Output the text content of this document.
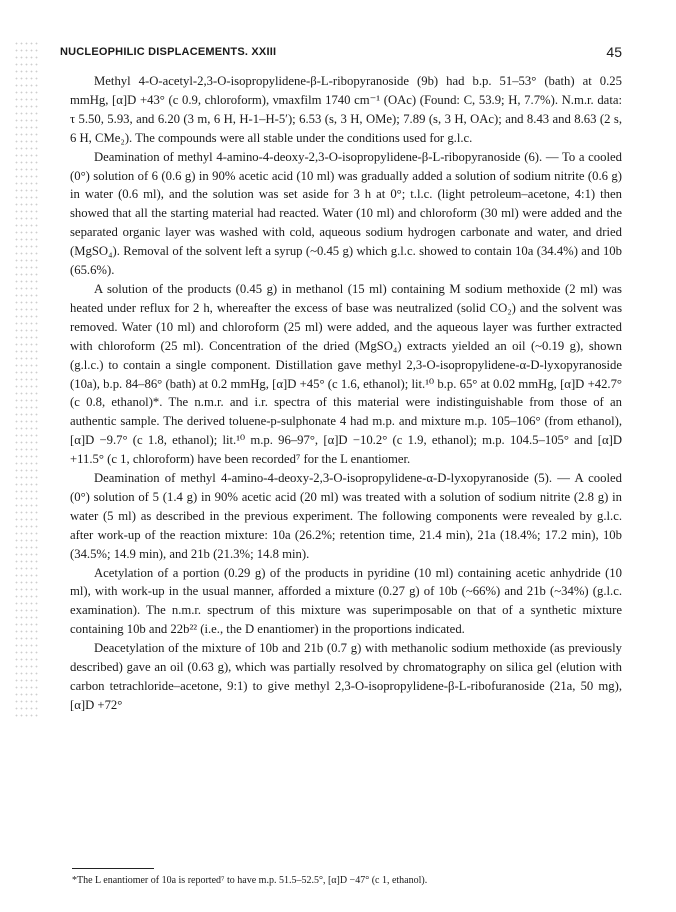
NUCLEOPHILIC DISPLACEMENTS. XXIII	45

Methyl 4-O-acetyl-2,3-O-isopropylidene-β-L-ribopyranoside (9b) had b.p. 51–53° (bath) at 0.25 mmHg, [α]D +43° (c 0.9, chloroform), νmaxfilm 1740 cm⁻¹ (OAc) (Found: C, 53.9; H, 7.7%). N.m.r. data: τ 5.50, 5.93, and 6.20 (3 m, 6 H, H-1–H-5′); 6.53 (s, 3 H, OMe); 7.89 (s, 3 H, OAc); and 8.43 and 8.63 (2 s, 6 H, CMe₂). The compounds were all stable under the conditions used for g.l.c.

Deamination of methyl 4-amino-4-deoxy-2,3-O-isopropylidene-β-L-ribopyranoside (6). — To a cooled (0°) solution of 6 (0.6 g) in 90% acetic acid (10 ml) was gradually added a solution of sodium nitrite (0.6 g) in water (0.6 ml), and the solution was set aside for 3 h at 0°; t.l.c. (light petroleum–acetone, 4:1) then showed that all the starting material had reacted. Water (10 ml) and chloroform (30 ml) were added and the separated organic layer was washed with cold, aqueous sodium hydrogen carbonate and water, and dried (MgSO₄). Removal of the solvent left a syrup (~0.45 g) which g.l.c. showed to contain 10a (34.4%) and 10b (65.6%).

A solution of the products (0.45 g) in methanol (15 ml) containing M sodium methoxide (2 ml) was heated under reflux for 2 h, whereafter the excess of base was neutralized (solid CO₂) and the solvent was removed. Water (10 ml) and chloroform (25 ml) were added, and the aqueous layer was further extracted with chloroform (25 ml). Concentration of the dried (MgSO₄) extracts yielded an oil (~0.19 g), shown (g.l.c.) to contain a single component. Distillation gave methyl 2,3-O-isopropylidene-α-D-lyxopyranoside (10a), b.p. 84–86° (bath) at 0.2 mmHg, [α]D +45° (c 1.6, ethanol); lit.¹⁰ b.p. 65° at 0.02 mmHg, [α]D +42.7° (c 0.8, ethanol)*. The n.m.r. and i.r. spectra of this material were indistinguishable from those of an authentic sample. The derived toluene-p-sulphonate 4 had m.p. and mixture m.p. 105–106° (from ethanol), [α]D −9.7° (c 1.8, ethanol); lit.¹⁰ m.p. 96–97°, [α]D −10.2° (c 1.9, ethanol); m.p. 104.5–105° and [α]D +11.5° (c 1, chloroform) have been recorded⁷ for the L enantiomer.

Deamination of methyl 4-amino-4-deoxy-2,3-O-isopropylidene-α-D-lyxopyranoside (5). — A cooled (0°) solution of 5 (1.4 g) in 90% acetic acid (20 ml) was treated with a solution of sodium nitrite (2.8 g) in water (5 ml) as described in the previous experiment. The following components were revealed by g.l.c. after work-up of the reaction mixture: 10a (26.2%; retention time, 21.4 min), 21a (18.4%; 17.2 min), 10b (34.5%; 14.9 min), and 21b (21.3%; 14.8 min).

Acetylation of a portion (0.29 g) of the products in pyridine (10 ml) containing acetic anhydride (10 ml), with work-up in the usual manner, afforded a mixture (0.27 g) of 10b (~66%) and 21b (~34%) (g.l.c. examination). The n.m.r. spectrum of this mixture was superimposable on that of a synthetic mixture containing 10b and 22b²² (i.e., the D enantiomer) in the proportions indicated.

Deacetylation of the mixture of 10b and 21b (0.7 g) with methanolic sodium methoxide (as previously described) gave an oil (0.63 g), which was partially resolved by chromatography on silica gel (elution with carbon tetrachloride–acetone, 9:1) to give methyl 2,3-O-isopropylidene-β-L-ribofuranoside (21a, 50 mg), [α]D +72°

*The L enantiomer of 10a is reported⁷ to have m.p. 51.5–52.5°, [α]D −47° (c 1, ethanol).
